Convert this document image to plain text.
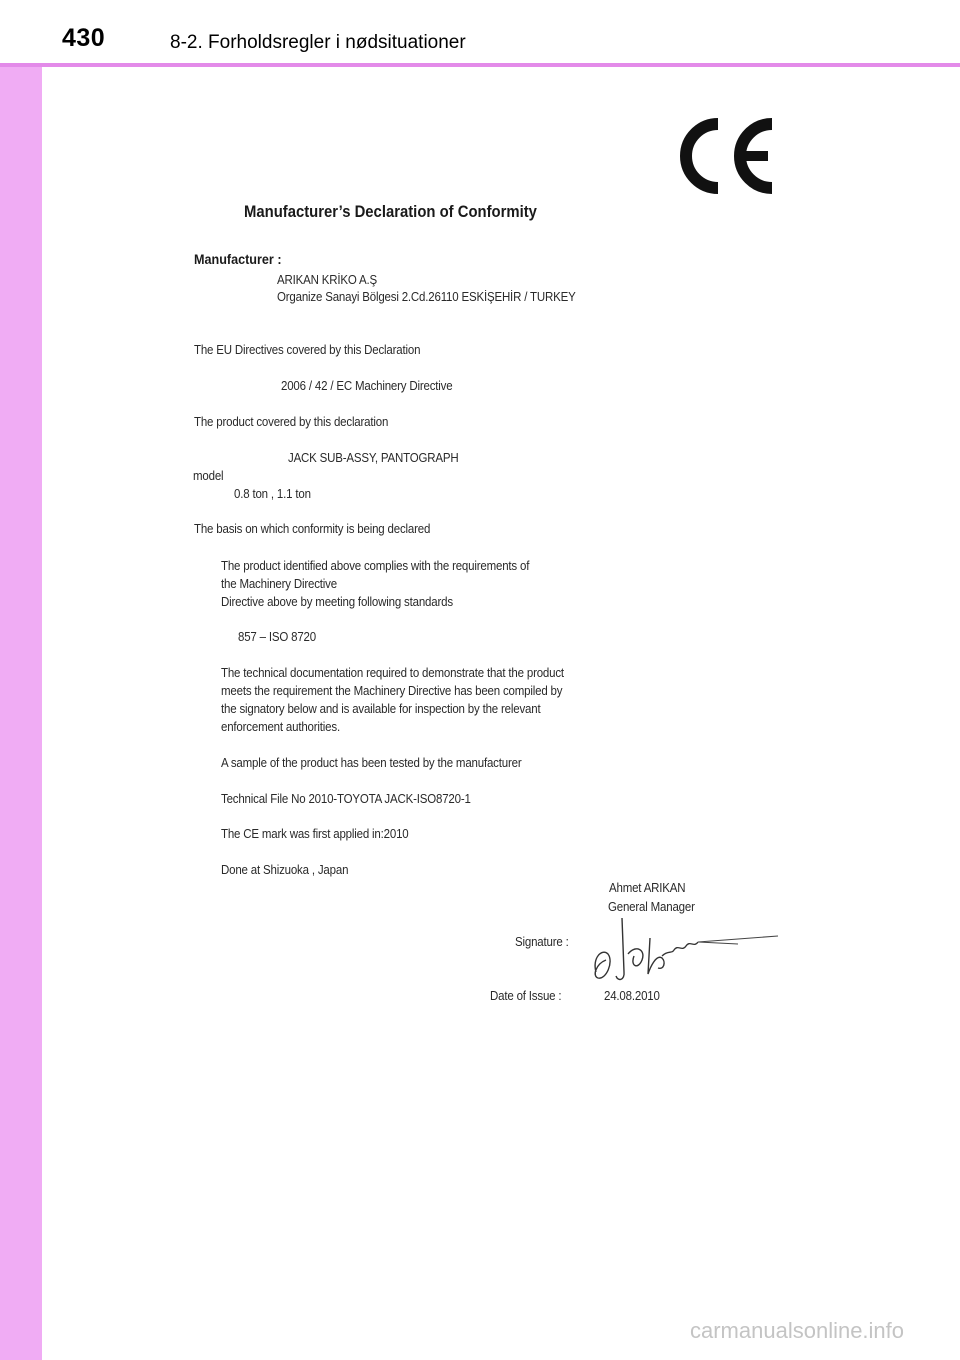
430	8-2. Forholdsregler i nødsituationer
Manufacturer’s Declaration of Conformity
Manufacturer :
ARIKAN KRİKO A.Ş
Organize Sanayi Bölgesi 2.Cd.26110 ESKİŞEHİR / TURKEY
The EU Directives covered by this Declaration
2006 / 42 / EC Machinery Directive
The product covered by this declaration
JACK SUB-ASSY, PANTOGRAPH
model
0.8 ton , 1.1 ton
The basis on which conformity is being declared
The product identified above complies with the requirements of
the Machinery Directive
Directive above by meeting following standards
857 – ISO 8720
The technical documentation required to demonstrate that the product
meets the requirement the Machinery Directive has been compiled by
the signatory below and is available for inspection by the relevant
enforcement authorities.
A sample of the product has been tested by the manufacturer
Technical File No 2010-TOYOTA JACK-ISO8720-1
The CE mark was first applied in:2010
Done at Shizuoka , Japan
Ahmet ARIKAN
General Manager
Signature :
Date of Issue :	24.08.2010
carmanualsonline.info
